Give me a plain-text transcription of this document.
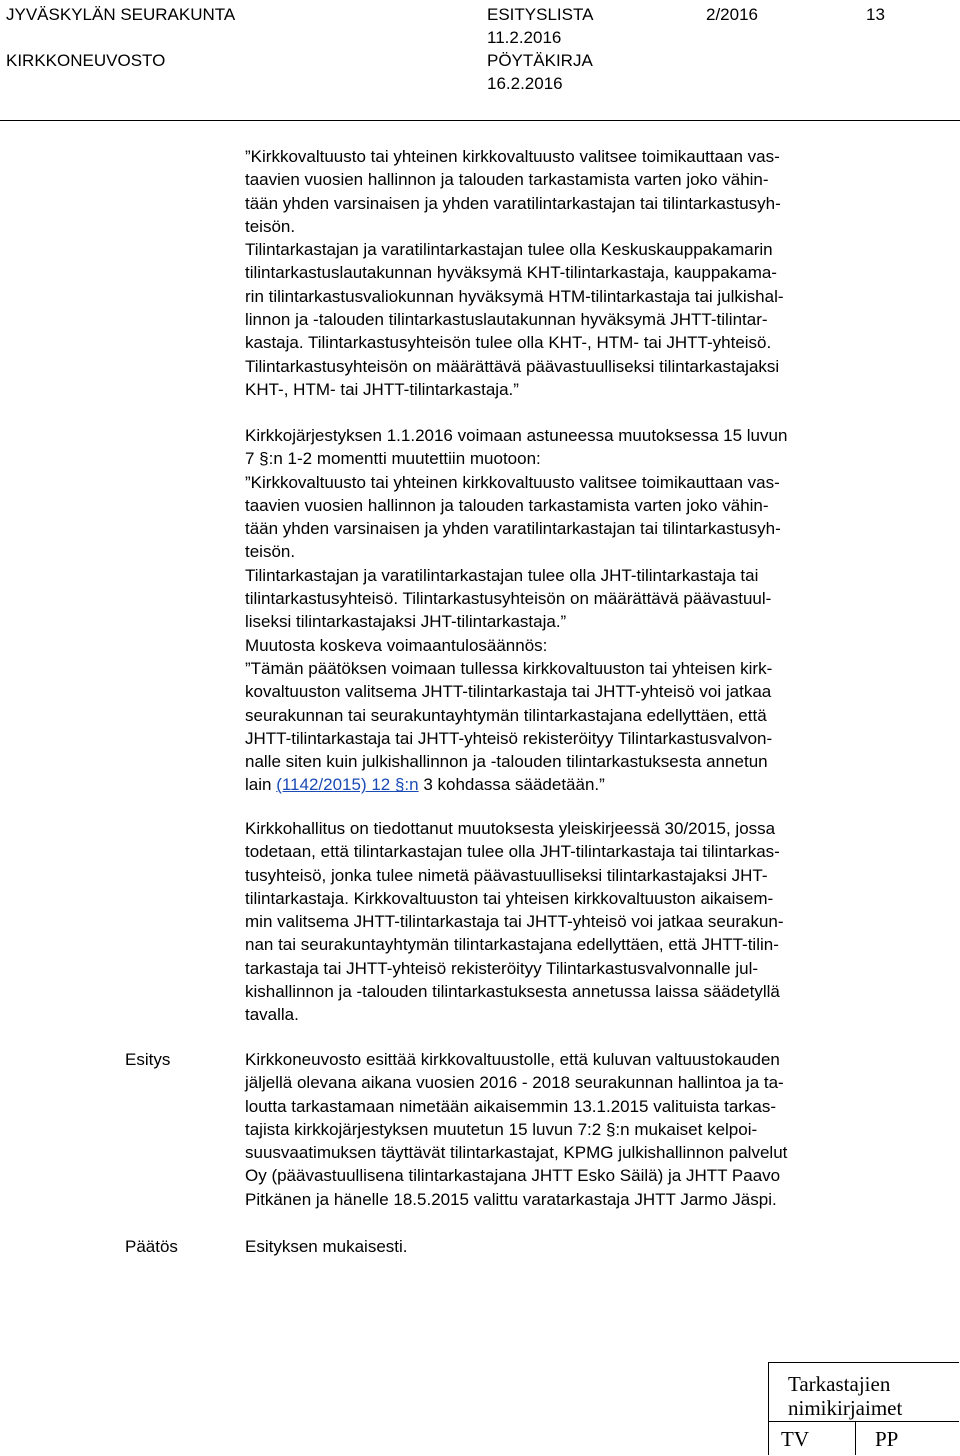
JYVÄSKYLÄN SEURAKUNTA
KIRKKONEUVOSTO
ESITYSLISTA
11.2.2016
PÖYTÄKIRJA
16.2.2016
2/2016	13

”Kirkkovaltuusto tai yhteinen kirkkovaltuusto valitsee toimikauttaan vas-
taavien vuosien hallinnon ja talouden tarkastamista varten joko vähin-
tään yhden varsinaisen ja yhden varatilintarkastajan tai tilintarkastusyh-
teisön.
Tilintarkastajan ja varatilintarkastajan tulee olla Keskuskauppakamarin
tilintarkastuslautakunnan hyväksymä KHT-tilintarkastaja, kauppakama-
rin tilintarkastusvaliokunnan hyväksymä HTM-tilintarkastaja tai julkishal-
linnon ja -talouden tilintarkastuslautakunnan hyväksymä JHTT-tilintar-
kastaja. Tilintarkastusyhteisön tulee olla KHT-, HTM- tai JHTT-yhteisö.
Tilintarkastusyhteisön on määrättävä päävastuulliseksi tilintarkastajaksi
KHT-, HTM- tai JHTT-tilintarkastaja.”

Kirkkojärjestyksen 1.1.2016 voimaan astuneessa muutoksessa 15 luvun
7 §:n 1-2 momentti muutettiin muotoon:
”Kirkkovaltuusto tai yhteinen kirkkovaltuusto valitsee toimikauttaan vas-
taavien vuosien hallinnon ja talouden tarkastamista varten joko vähin-
tään yhden varsinaisen ja yhden varatilintarkastajan tai tilintarkastusyh-
teisön.
Tilintarkastajan ja varatilintarkastajan tulee olla JHT-tilintarkastaja tai
tilintarkastusyhteisö. Tilintarkastusyhteisön on määrättävä päävastuul-
liseksi tilintarkastajaksi JHT-tilintarkastaja.”
Muutosta koskeva voimaantulosäännös:
”Tämän päätöksen voimaan tullessa kirkkovaltuuston tai yhteisen kirk-
kovaltuuston valitsema JHTT-tilintarkastaja tai JHTT-yhteisö voi jatkaa
seurakunnan tai seurakuntayhtymän tilintarkastajana edellyttäen, että
JHTT-tilintarkastaja tai JHTT-yhteisö rekisteröityy Tilintarkastusvalvon-
nalle siten kuin julkishallinnon ja -talouden tilintarkastuksesta annetun
lain (1142/2015) 12 §:n 3 kohdassa säädetään.”

Kirkkohallitus on tiedottanut muutoksesta yleiskirjeessä 30/2015, jossa
todetaan, että tilintarkastajan tulee olla JHT-tilintarkastaja tai tilintarkas-
tusyhteisö, jonka tulee nimetä päävastuulliseksi tilintarkastajaksi JHT-
tilintarkastaja. Kirkkovaltuuston tai yhteisen kirkkovaltuuston aikaisem-
min valitsema JHTT-tilintarkastaja tai JHTT-yhteisö voi jatkaa seurakun-
nan tai seurakuntayhtymän tilintarkastajana edellyttäen, että JHTT-tilin-
tarkastaja tai JHTT-yhteisö rekisteröityy Tilintarkastusvalvonnalle jul-
kishallinnon ja -talouden tilintarkastuksesta annetussa laissa säädetyllä
tavalla.

Esitys	Kirkkoneuvosto esittää kirkkovaltuustolle, että kuluvan valtuustokauden
jäljellä olevana aikana vuosien 2016 - 2018 seurakunnan hallintoa ja ta-
loutta tarkastamaan nimetään aikaisemmin 13.1.2015 valituista tarkas-
tajista kirkkojärjestyksen muutetun 15 luvun 7:2 §:n mukaiset kelpoi-
suusvaatimuksen täyttävät tilintarkastajat, KPMG julkishallinnon palvelut
Oy (päävastuullisena tilintarkastajana JHTT Esko Säilä) ja JHTT Paavo
Pitkänen ja hänelle 18.5.2015 valittu varatarkastaja JHTT Jarmo Jäspi.

Päätös	Esityksen mukaisesti.
Tarkastajien
nimikirjaimet
TV	PP
